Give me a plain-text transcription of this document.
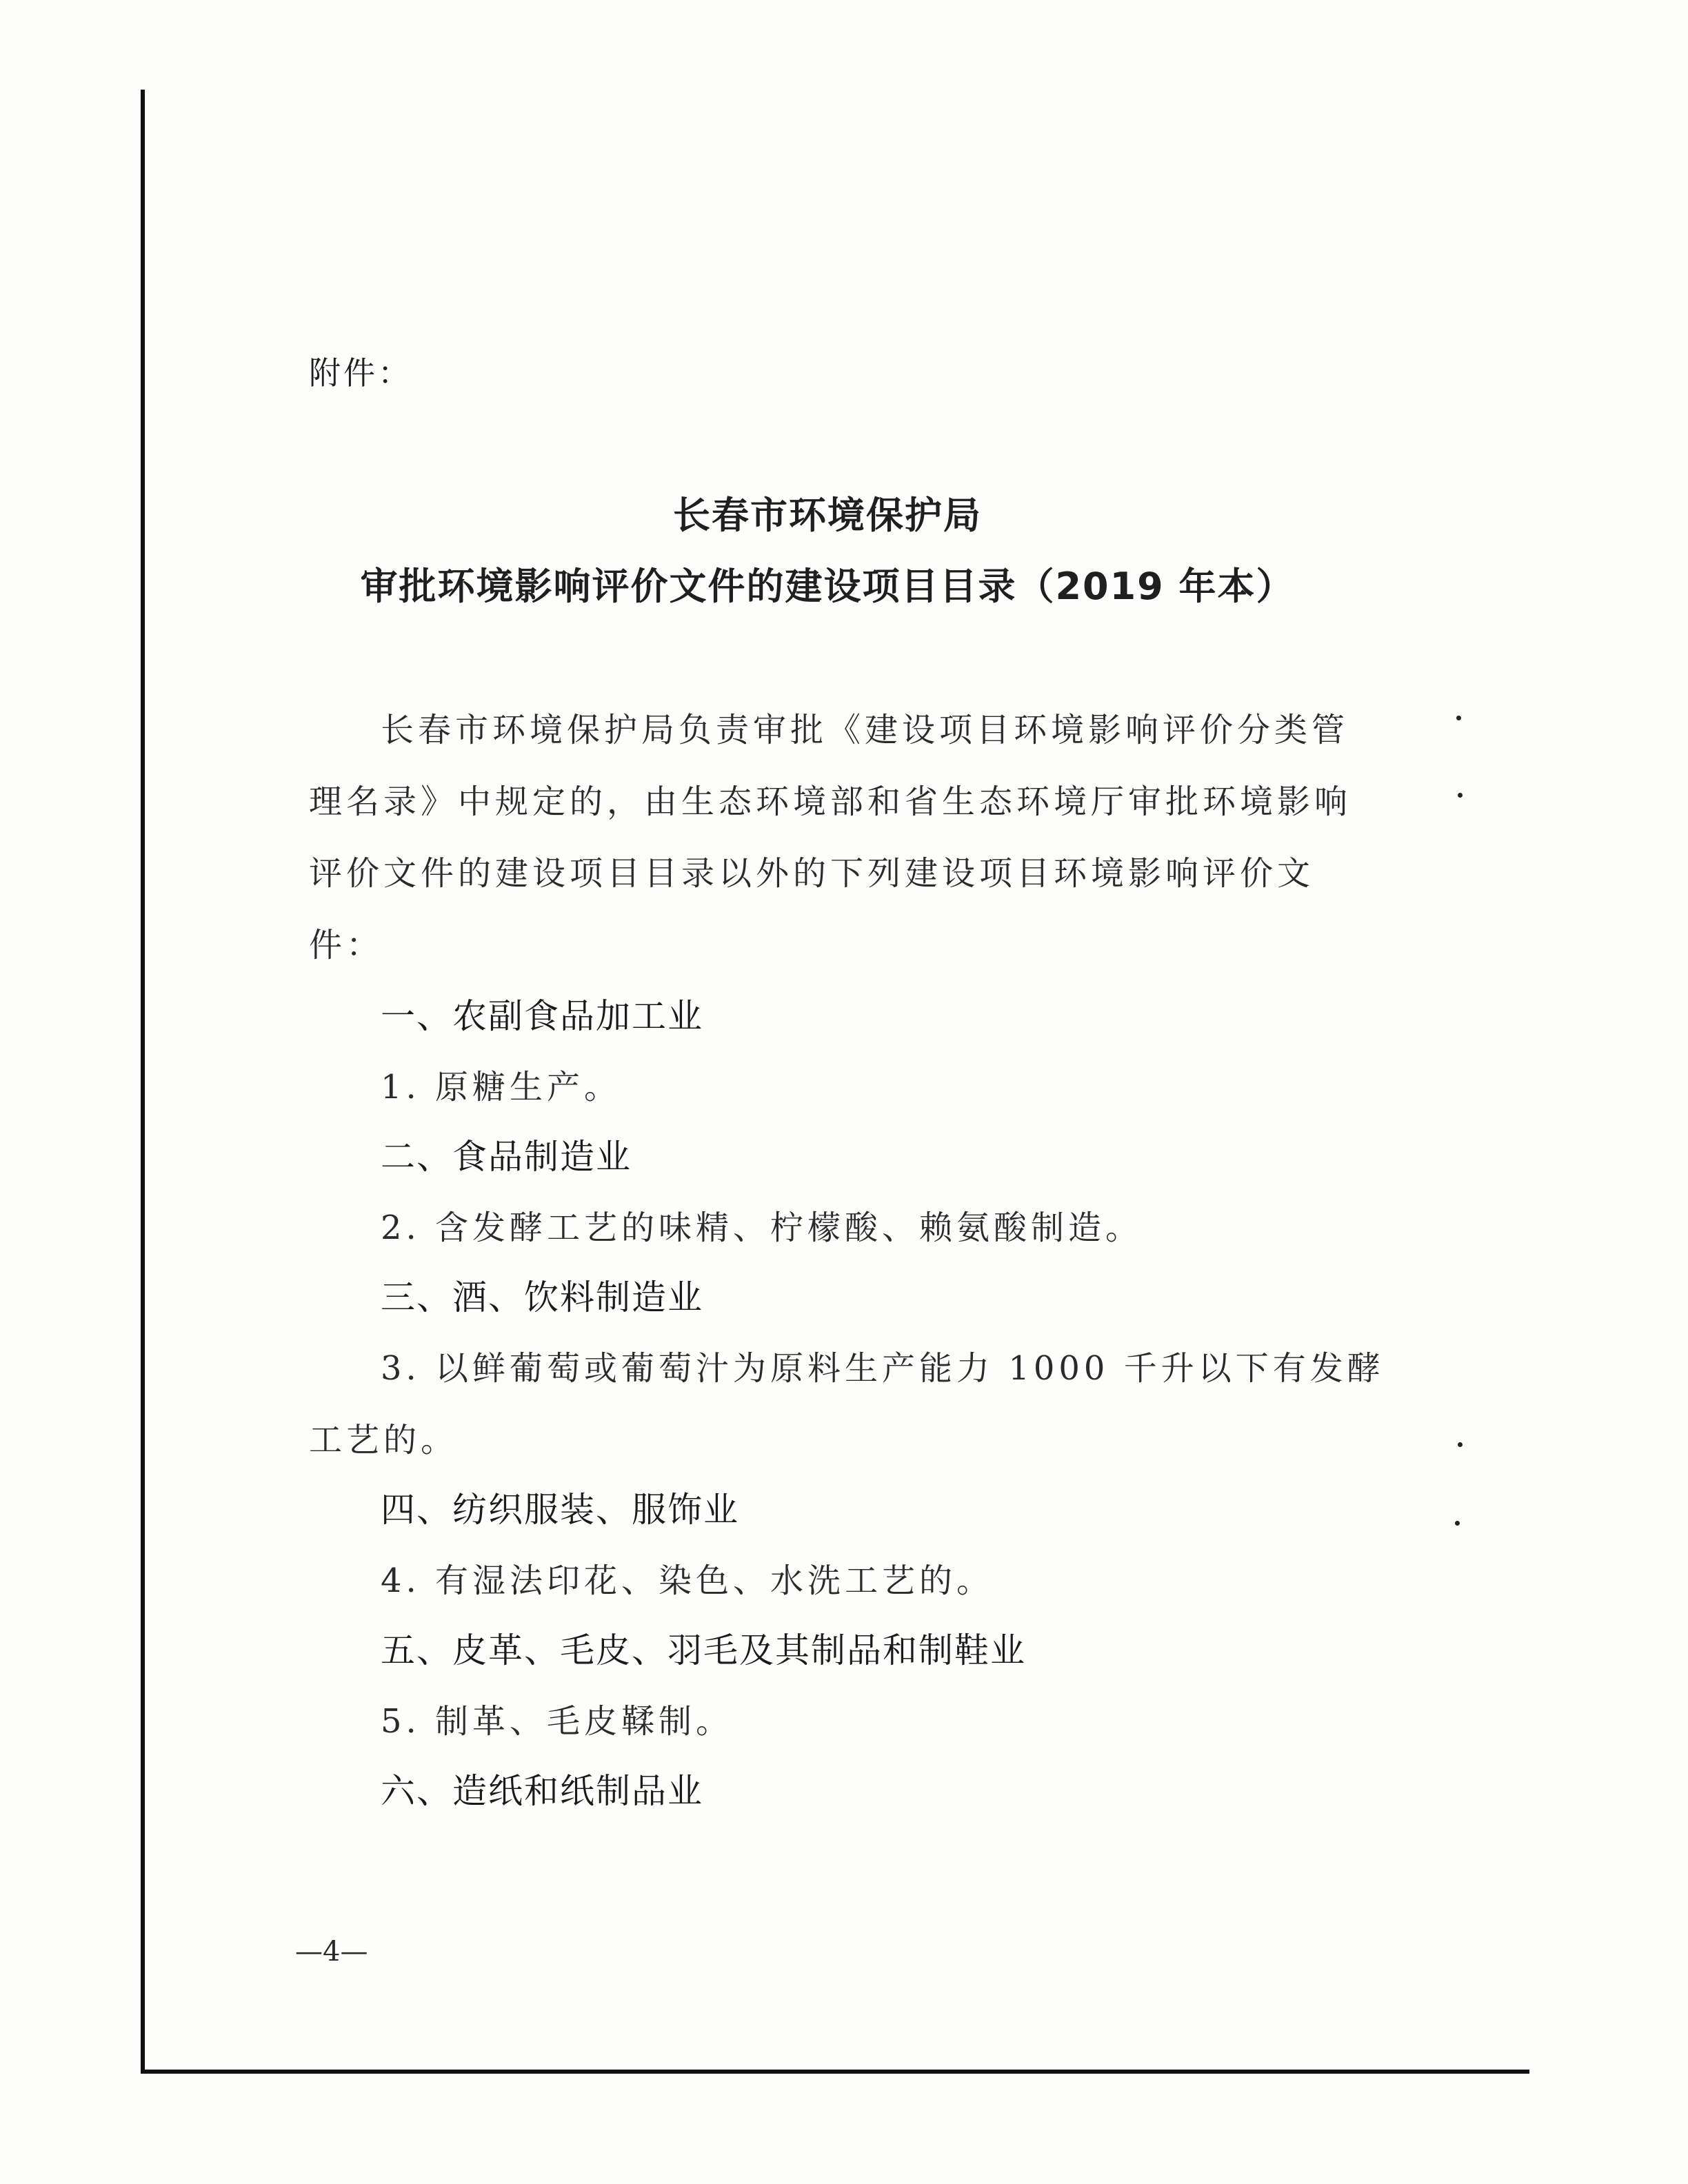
附件：
长春市环境保护局
审批环境影响评价文件的建设项目目录（2019 年本）
长春市环境保护局负责审批《建设项目环境影响评价分类管
理名录》中规定的，由生态环境部和省生态环境厅审批环境影响
评价文件的建设项目目录以外的下列建设项目环境影响评价文
件：
一、农副食品加工业
1. 原糖生产。
二、食品制造业
2. 含发酵工艺的味精、柠檬酸、赖氨酸制造。
三、酒、饮料制造业
3. 以鲜葡萄或葡萄汁为原料生产能力 1000 千升以下有发酵
工艺的。
四、纺织服装、服饰业
4. 有湿法印花、染色、水洗工艺的。
五、皮革、毛皮、羽毛及其制品和制鞋业
5. 制革、毛皮鞣制。
六、造纸和纸制品业
—4—
